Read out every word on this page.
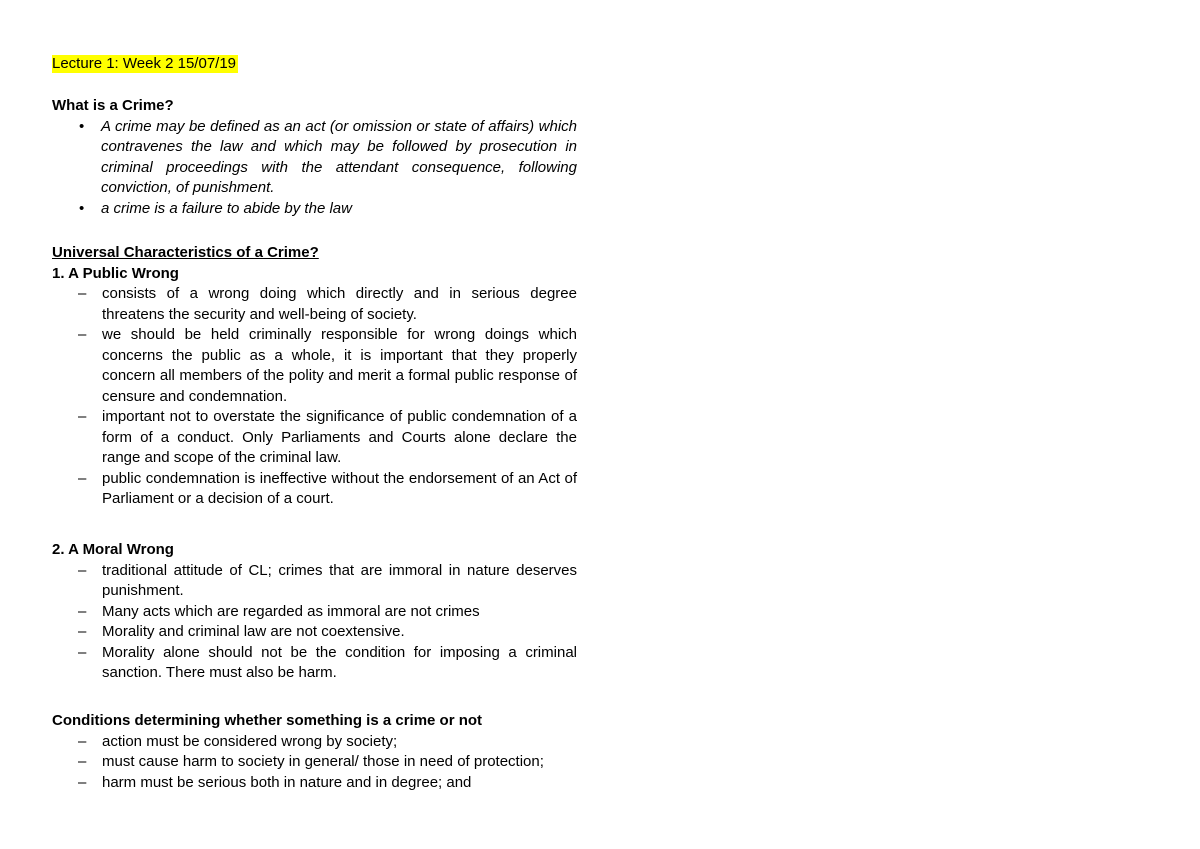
Lecture 1: Week 2 15/07/19

What is a Crime?

• A crime may be defined as an act (or omission or state of affairs) which contravenes the law and which may be followed by prosecution in criminal proceedings with the attendant consequence, following conviction, of punishment.
• a crime is a failure to abide by the law

Universal Characteristics of a Crime?

1. A Public Wrong

– consists of a wrong doing which directly and in serious degree threatens the security and well-being of society.
– we should be held criminally responsible for wrong doings which concerns the public as a whole, it is important that they properly concern all members of the polity and merit a formal public response of censure and condemnation.
– important not to overstate the significance of public condemnation of a form of a conduct. Only Parliaments and Courts alone declare the range and scope of the criminal law.
– public condemnation is ineffective without the endorsement of an Act of Parliament or a decision of a court.

2. A Moral Wrong

– traditional attitude of CL; crimes that are immoral in nature deserves punishment.
– Many acts which are regarded as immoral are not crimes
– Morality and criminal law are not coextensive.
– Morality alone should not be the condition for imposing a criminal sanction. There must also be harm.

Conditions determining whether something is a crime or not

– action must be considered wrong by society;
– must cause harm to society in general/ those in need of protection;
– harm must be serious both in nature and in degree; and
